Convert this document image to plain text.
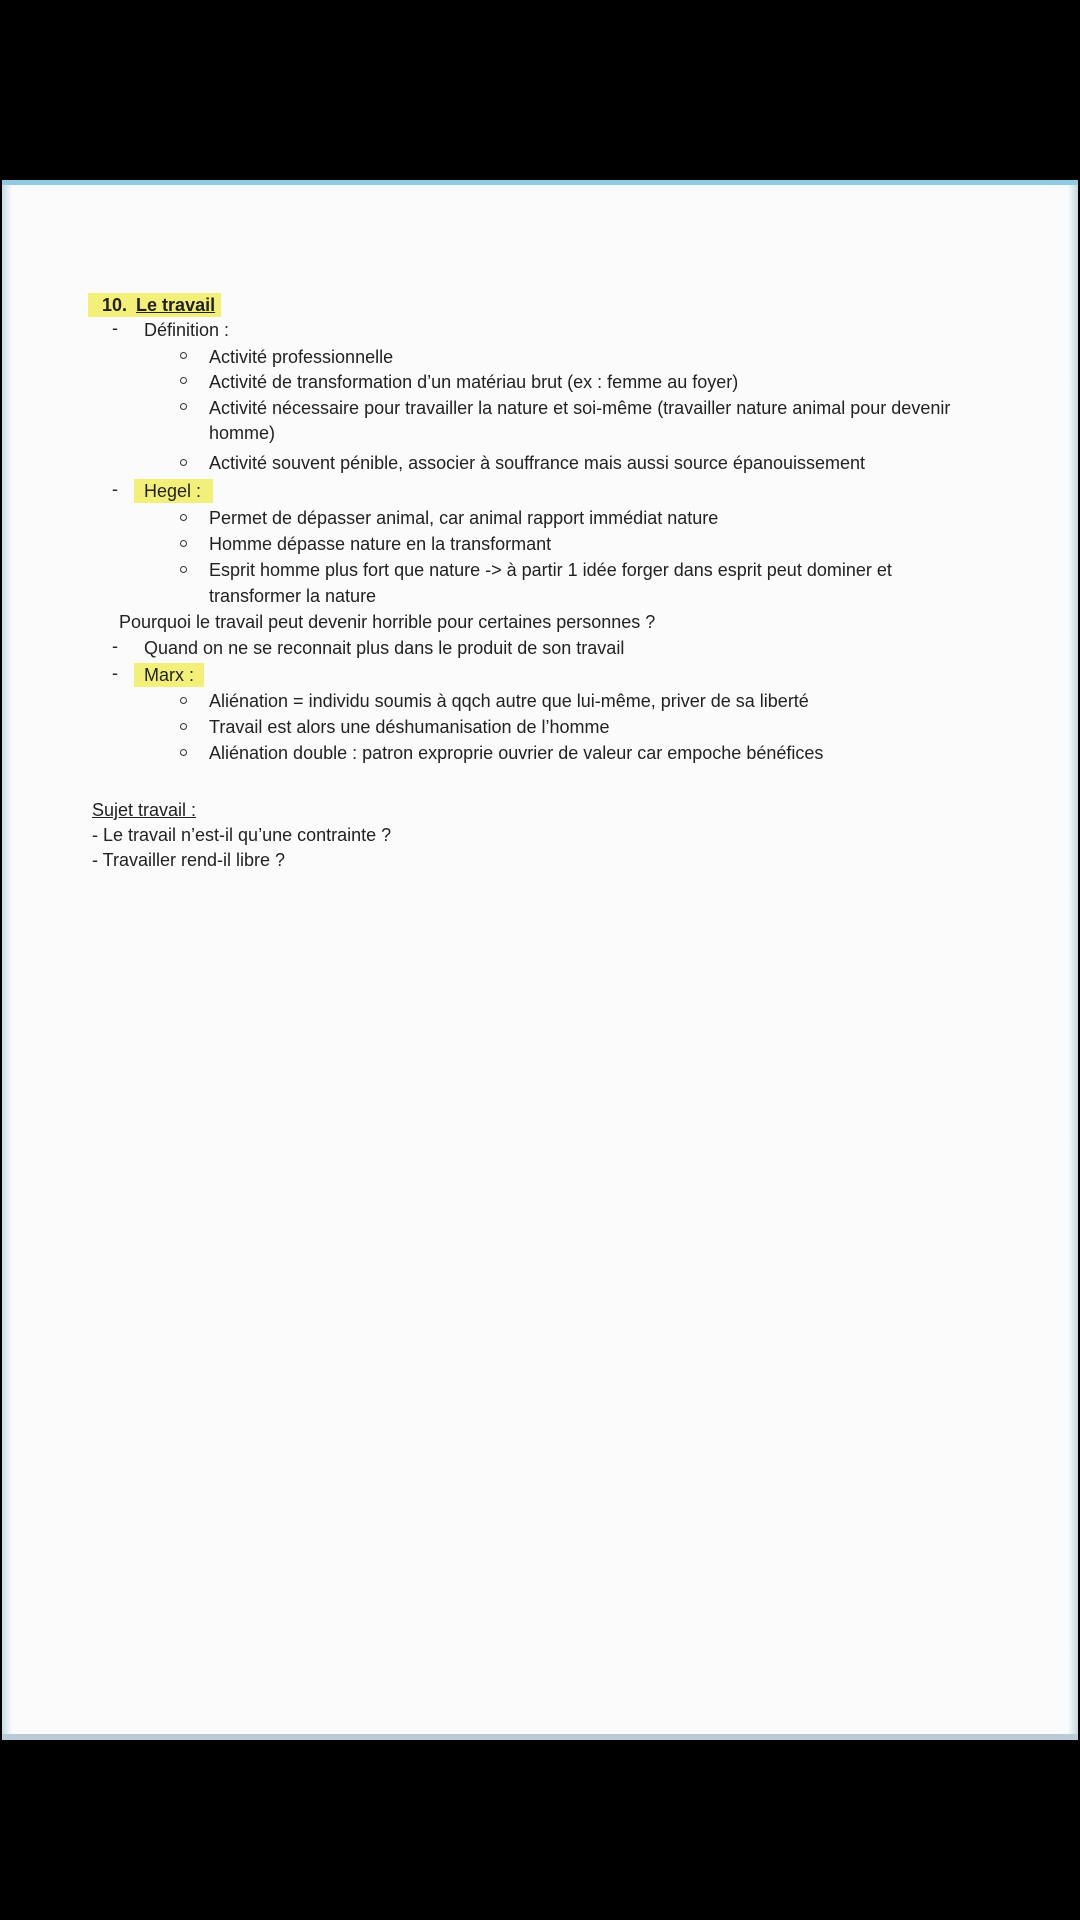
10. Le travail
- Définition :
Activité professionnelle
Activité de transformation d’un matériau brut (ex : femme au foyer)
Activité nécessaire pour travailler la nature et soi-même (travailler nature animal pour devenir
homme)
Activité souvent pénible, associer à souffrance mais aussi source épanouissement
-	Hegel :
Permet de dépasser animal, car animal rapport immédiat nature
Homme dépasse nature en la transformant
Esprit homme plus fort que nature -> à partir 1 idée forger dans esprit peut dominer et
transformer la nature
Pourquoi le travail peut devenir horrible pour certaines personnes ?
- Quand on ne se reconnait plus dans le produit de son travail
-	Marx :
Aliénation = individu soumis à qqch autre que lui-même, priver de sa liberté
Travail est alors une déshumanisation de l’homme
Aliénation double : patron exproprie ouvrier de valeur car empoche bénéfices
Sujet travail :
- Le travail n’est-il qu’une contrainte ?
- Travailler rend-il libre ?
